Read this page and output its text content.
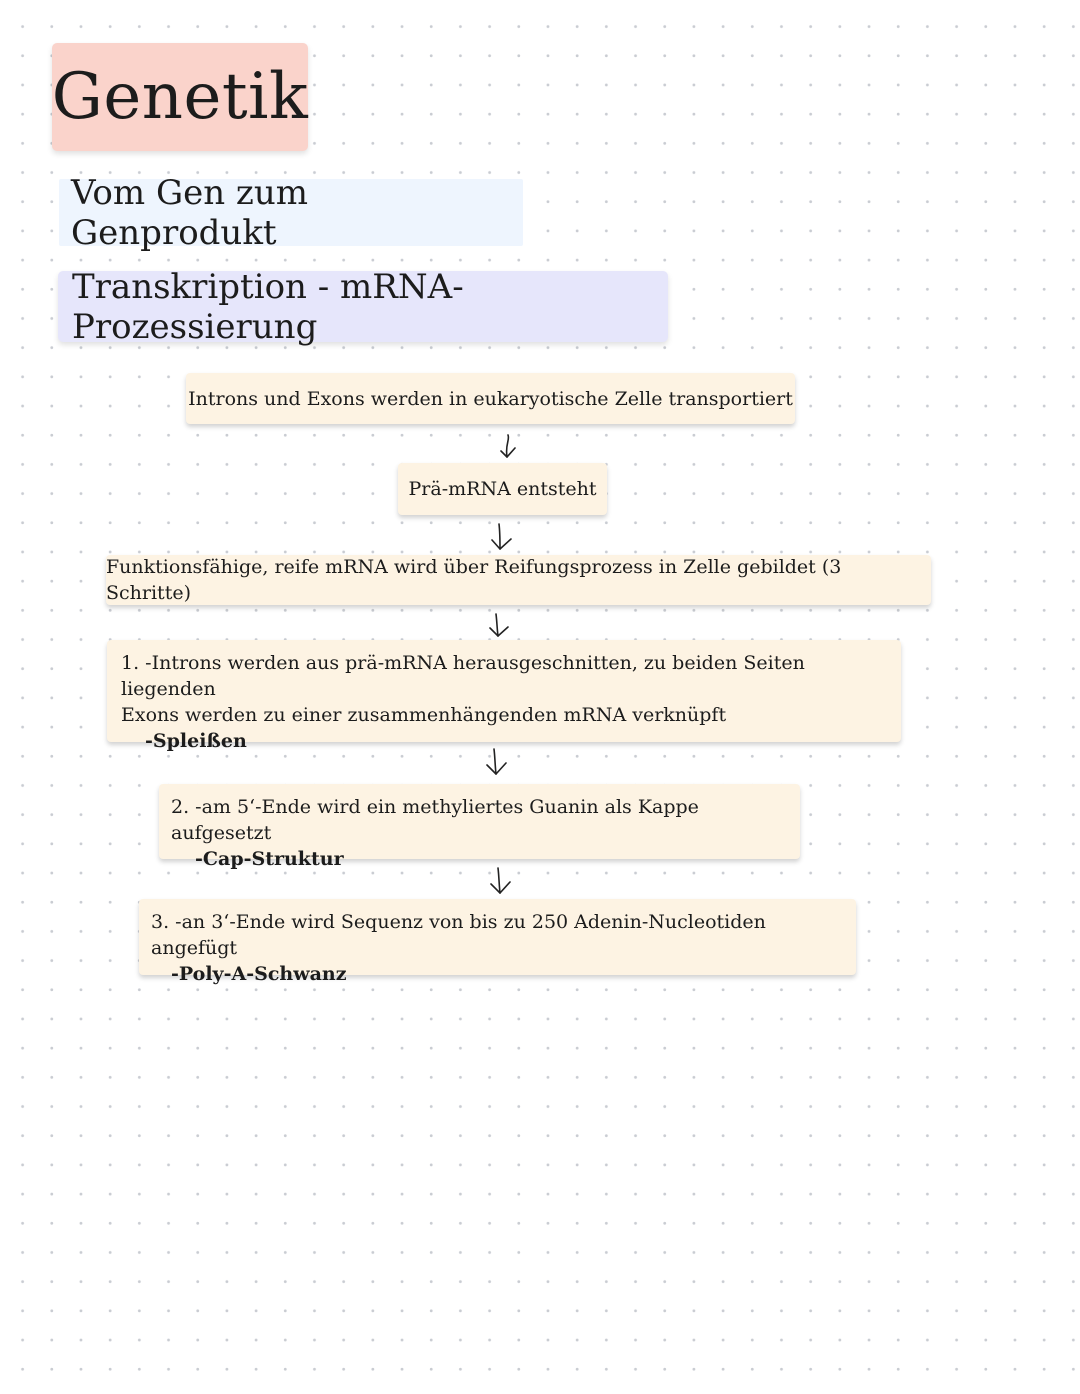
Genetik
Vom Gen zum Genprodukt
Transkription - mRNA-Prozessierung
Introns und Exons werden in eukaryotische Zelle transportiert
Prä-mRNA entsteht
Funktionsfähige, reife mRNA wird über Reifungsprozess in Zelle gebildet (3 Schritte)
1. -Introns werden aus prä-mRNA herausgeschnitten, zu beiden Seiten liegenden
Exons werden zu einer zusammenhängenden mRNA verknüpft
-Spleißen
2. -am 5‘-Ende wird ein methyliertes Guanin als Kappe aufgesetzt
-Cap-Struktur
3. -an 3‘-Ende wird Sequenz von bis zu 250 Adenin-Nucleotiden angefügt
-Poly-A-Schwanz
